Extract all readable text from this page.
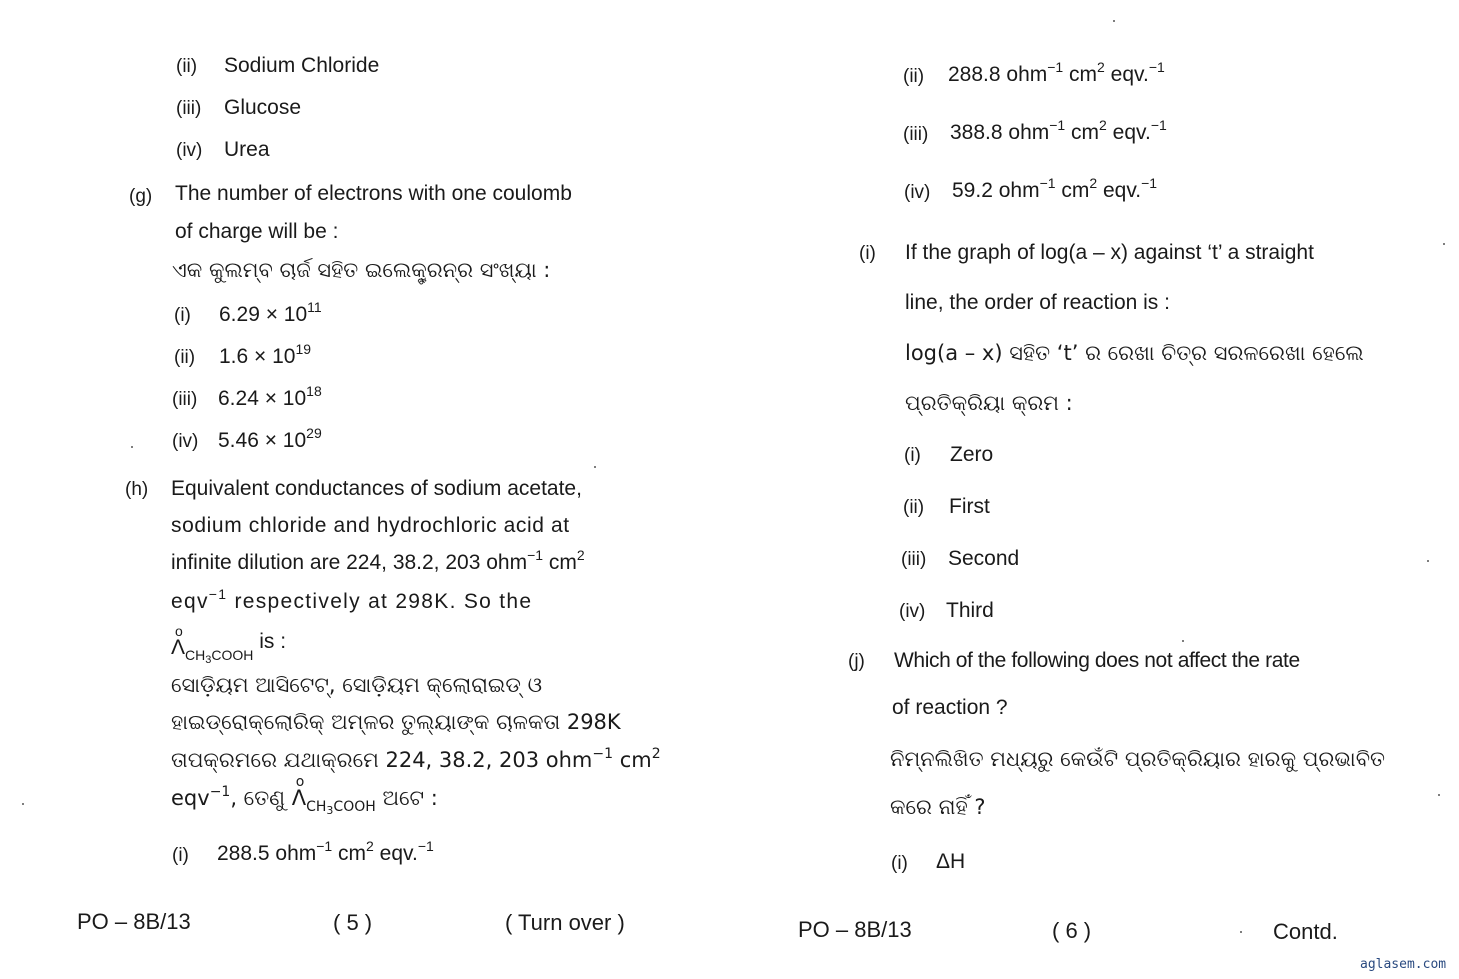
(ii) Sodium Chloride
(iii) Glucose
(iv) Urea
(g) The number of electrons with one coulomb
of charge will be :
ଏକ କୁଲମ୍ବ ଚାର୍ଜ ସହିତ ଇଲେକ୍ଟ୍ରନ୍‌ର ସଂଖ୍ୟା :
(i) $6.29 \times 10^{11}$
(ii) $1.6 \times 10^{19}$
(iii) $6.24 \times 10^{18}$
(iv) $5.46 \times 10^{29}$
(h) Equivalent conductances of sodium acetate,
sodium chloride and hydrochloric acid at
infinite dilution are 224, 38.2, 203 ohm$^{-1}$ $cm^2$
eqv$^{-1}$ respectively at 298K. So the
Λ
o
$_{CH_3COOH}$ is :
ସୋଡ଼ିୟମ ଆସିଟେଟ୍, ସୋଡ଼ିୟମ କ୍ଲୋରାଇଡ୍ ଓ
ହାଇଡ୍ରୋକ୍ଲୋରିକ୍ ଅମ୍ଳର ତୁଲ୍ୟାଙ୍କ ଚାଳକତା 298K
ତାପକ୍ରମରେ ଯଥାକ୍ରମେ 224, 38.2, 203 ohm$^{-1}$ $cm^2$
eqv$^{-1}$, ତେଣୁ Λ
o
$_{CH_3COOH}$ ଅଟେ :
(i) 288.5 ohm$^{-1}$ $cm^2$ eqv.$^{-1}$
PO – 8B/13	( 5 )	( Turn over )
(ii) 288.8 ohm$^{-1}$ $cm^2$ eqv.$^{-1}$
(iii) 388.8 ohm$^{-1}$ $cm^2$ eqv.$^{-1}$
(iv) 59.2 ohm$^{-1}$ $cm^2$ eqv.$^{-1}$
(i) If the graph of log(a – x) against ‘t’ a straight
line, the order of reaction is :
log(a – x) ସହିତ ‘t’ ର ରେଖା ଚିତ୍ର ସରଳରେଖା ହେଲେ
ପ୍ରତିକ୍ରିୟା କ୍ରମ :
(i) Zero
(ii) First
(iii) Second
(iv) Third
(j) Which of the following does not affect the rate
of reaction ?
ନିମ୍ନଲିଖିତ ମଧ୍ୟରୁ କେଉଁଟି ପ୍ରତିକ୍ରିୟାର ହାରକୁ ପ୍ରଭାବିତ
କରେ ନାହିଁ ?
(i) ΔH
PO – 8B/13	( 6 )	Contd.
aglasem.com
